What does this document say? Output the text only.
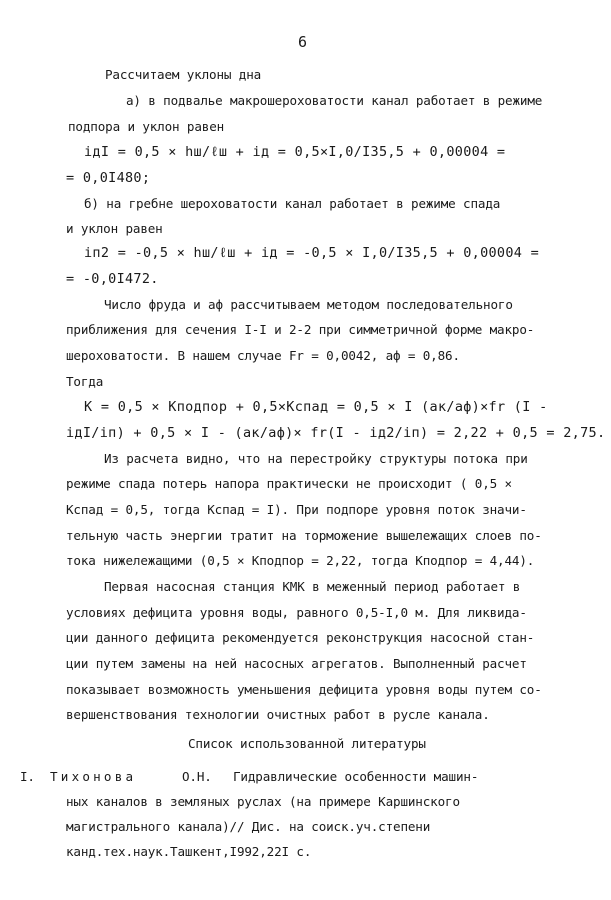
6
Рассчитаем уклоны дна
а) в подвалье макрошероховатости канал работает в режиме
подпора и уклон равен
iдI = 0,5 × hш/ℓш + iд = 0,5×I,0/I35,5 + 0,00004 =
= 0,0I480;
б) на гребне шероховатости канал работает в режиме спада
и уклон равен
iп2 = -0,5 × hш/ℓш + iд = -0,5 × I,0/I35,5 + 0,00004 =
= -0,0I472.
Число фруда и аф рассчитываем методом последовательного
приближения для сечения I-I и 2-2 при симметричной форме макро-
шероховатости. В нашем случае Fr = 0,0042, аф = 0,86.
Тогда
К = 0,5 × Кподпор + 0,5×Кспад = 0,5 × I (ак/аф)×fr (I -
iдI/iп) + 0,5 × I - (ак/аф)× fr(I - iд2/iп) = 2,22 + 0,5 = 2,75.
Из расчета видно, что на перестройку структуры потока при
режиме спада потерь напора практически не происходит ( 0,5 ×
Кспад = 0,5, тогда Кспад = I). При подпоре уровня поток значи-
тельную часть энергии тратит на торможение вышележащих слоев по-
тока нижележащими (0,5 × Кподпор = 2,22, тогда Кподпор = 4,44).
Первая насосная станция КМК в меженный период работает в
условиях дефицита уровня воды, равного 0,5-I,0 м. Для ликвида-
ции данного дефицита рекомендуется реконструкция насосной стан-
ции путем замены на ней насосных агрегатов. Выполненный расчет
показывает возможность уменьшения дефицита уровня воды путем со-
вершенствования технологии очистных работ в русле канала.
Список использованной литературы
I. Тихонова	О.Н. Гидравлические особенности машин-
ных каналов в земляных руслах (на примере Каршинского
магистрального канала)// Дис. на соиск.уч.степени
канд.тех.наук.Ташкент,I992,22I с.
